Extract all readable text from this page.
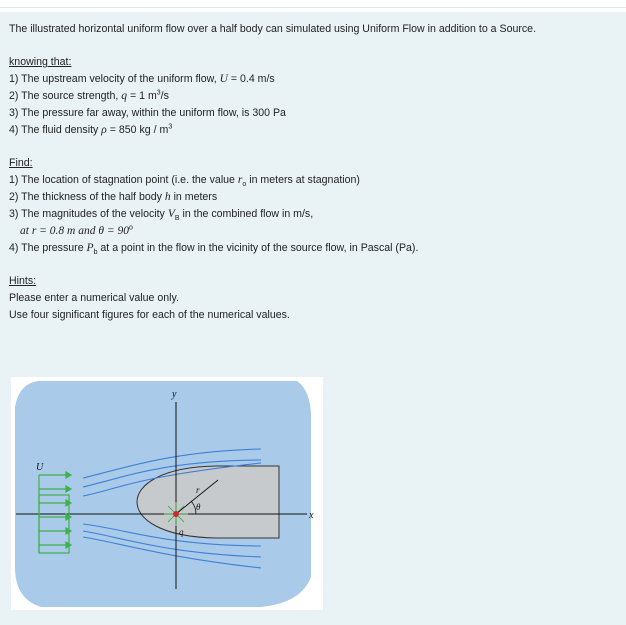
The illustrated horizontal uniform flow over a half body can simulated using Uniform Flow in addition to a Source.
knowing that:
1) The upstream velocity of the uniform flow, U = 0.4 m/s
2) The source strength, q = 1 $m^3/s$
3) The pressure far away, within the uniform flow, is 300 Pa
4) The fluid density ρ = 850 kg / $m^3$
Find:
1) The location of stagnation point (i.e. the value $r_o$ in meters at stagnation)
2) The thickness of the half body h in meters
3) The magnitudes of the velocity $V_B$ in the combined flow in m/s,
at r = 0.8 m and $\theta = 90^o$
4) The pressure $P_b$ at a point in the flow in the vicinity of the source flow, in Pascal (Pa).
Hints:
Please enter a numerical value only.
Use four significant figures for each of the numerical values.
y
x
U
r
θ
q
